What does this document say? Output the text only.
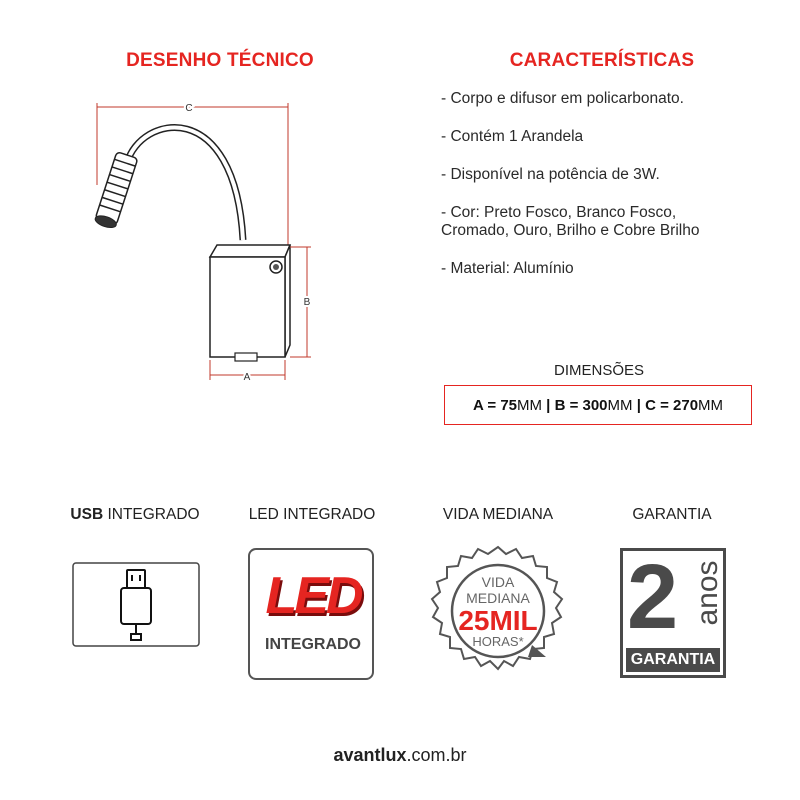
DESENHO TÉCNICO	CARACTERÍSTICAS
C
B
A
- Corpo e difusor em policarbonato.
- Contém 1 Arandela
- Disponível na potência de 3W.
- Cor: Preto Fosco, Branco Fosco,
Cromado, Ouro, Brilho e Cobre Brilho
- Material: Alumínio
DIMENSÕES
A = 75 MM | B = 300 MM | C = 270 MM
USB INTEGRADO	LED INTEGRADO	VIDA MEDIANA	GARANTIA
LED
INTEGRADO
VIDA
MEDIANA
25MIL
HORAS* 2 anos
GARANTIA
avantlux.com.br
